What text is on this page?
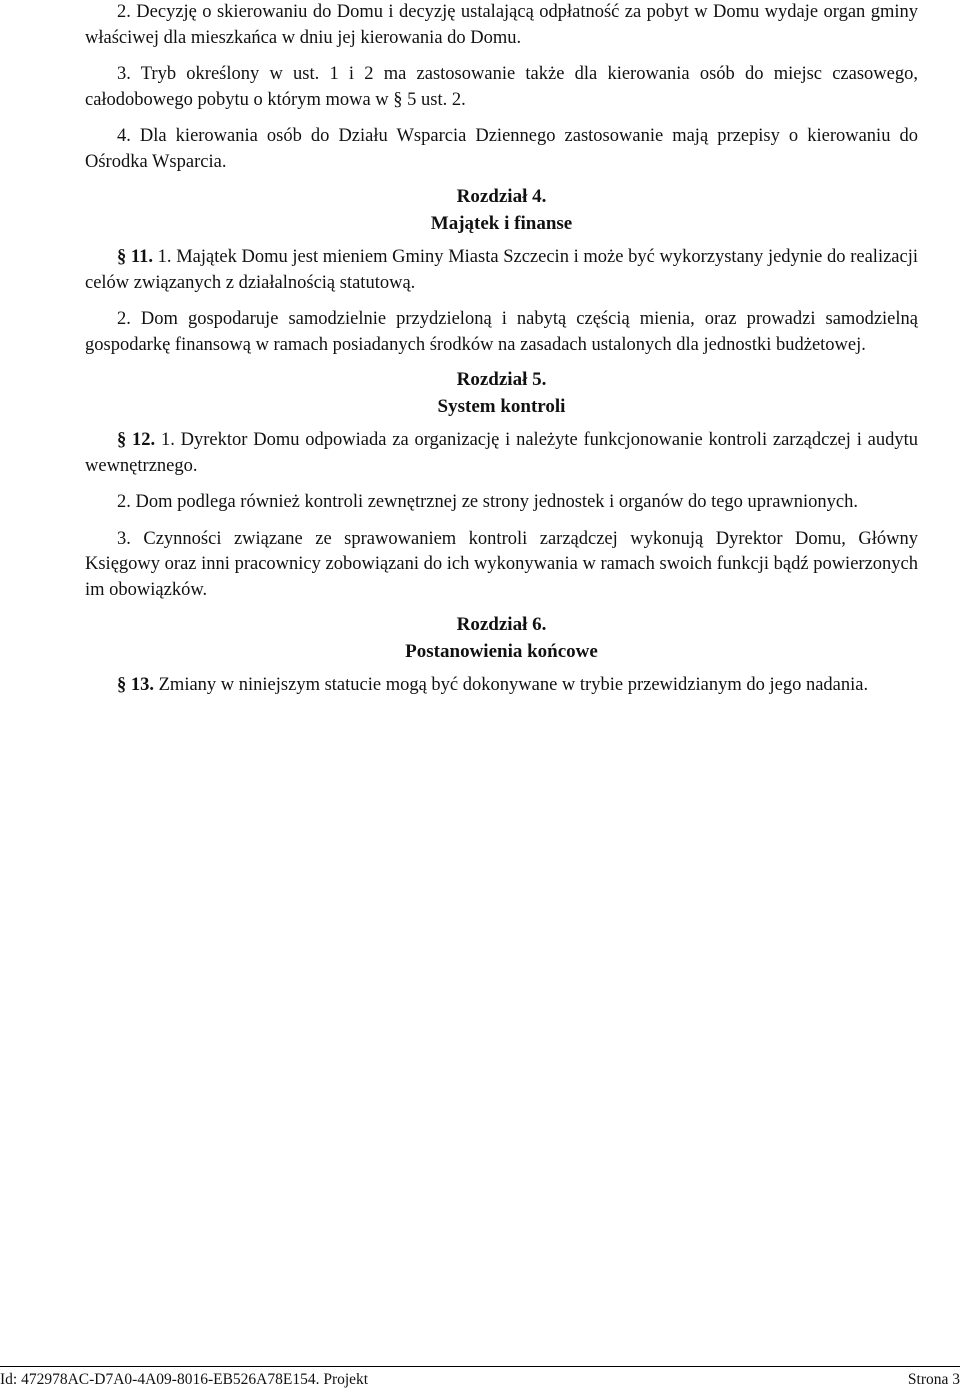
2. Decyzję o skierowaniu do Domu i decyzję ustalającą odpłatność za pobyt w Domu wydaje organ gminy właściwej dla mieszkańca w dniu jej kierowania do Domu.

3. Tryb określony w ust. 1 i 2 ma zastosowanie także dla kierowania osób do miejsc czasowego, całodobowego pobytu o którym mowa w § 5 ust. 2.

4. Dla kierowania osób do Działu Wsparcia Dziennego zastosowanie mają przepisy o kierowaniu do Ośrodka Wsparcia.

Rozdział 4.
Majątek i finanse

§ 11. 1. Majątek Domu jest mieniem Gminy Miasta Szczecin i może być wykorzystany jedynie do realizacji celów związanych z działalnością statutową.

2. Dom gospodaruje samodzielnie przydzieloną i nabytą częścią mienia, oraz prowadzi samodzielną gospodarkę finansową w ramach posiadanych środków na zasadach ustalonych dla jednostki budżetowej.

Rozdział 5.
System kontroli

§ 12. 1. Dyrektor Domu odpowiada za organizację i należyte funkcjonowanie kontroli zarządczej i audytu wewnętrznego.

2. Dom podlega również kontroli zewnętrznej ze strony jednostek i organów do tego uprawnionych.

3. Czynności związane ze sprawowaniem kontroli zarządczej wykonują Dyrektor Domu, Główny Księgowy oraz inni pracownicy zobowiązani do ich wykonywania w ramach swoich funkcji bądź powierzonych im obowiązków.

Rozdział 6.
Postanowienia końcowe

§ 13. Zmiany w niniejszym statucie mogą być dokonywane w trybie przewidzianym do jego nadania.

Id: 472978AC-D7A0-4A09-8016-EB526A78E154. Projekt	Strona 3
